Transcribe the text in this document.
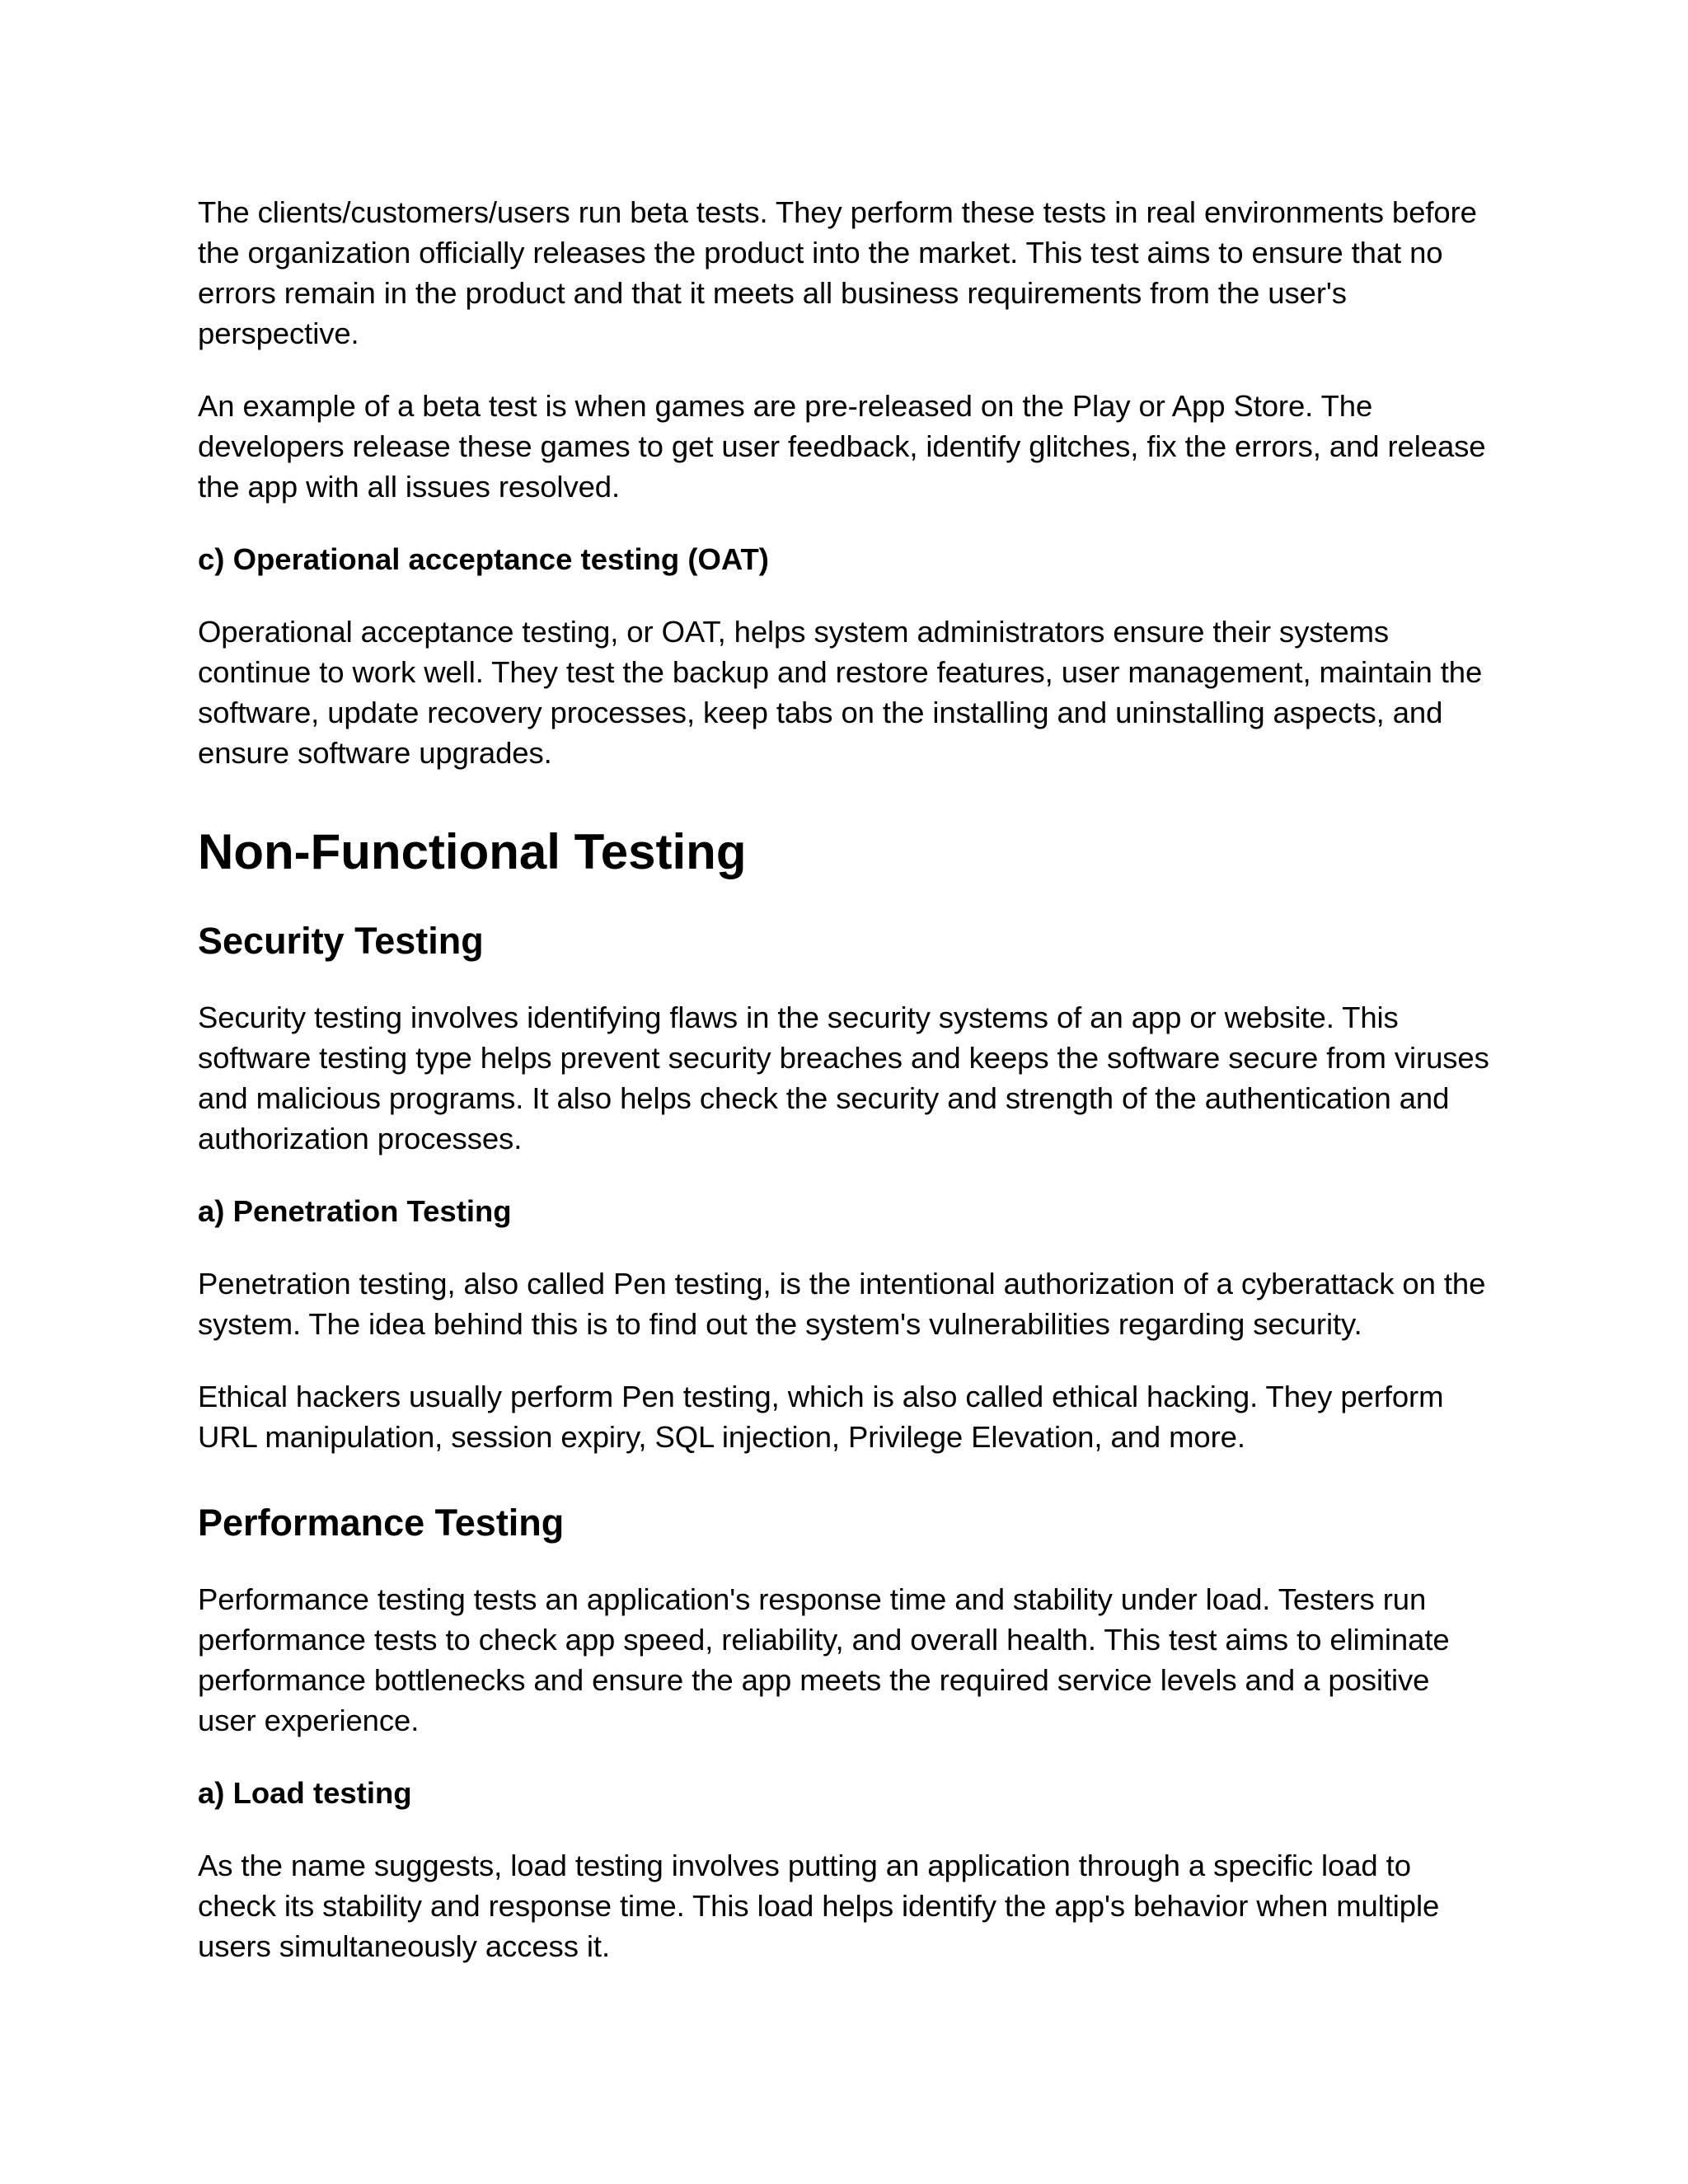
The clients/customers/users run beta tests. They perform these tests in real environments before the organization officially releases the product into the market. This test aims to ensure that no errors remain in the product and that it meets all business requirements from the user's perspective.

An example of a beta test is when games are pre-released on the Play or App Store. The developers release these games to get user feedback, identify glitches, fix the errors, and release the app with all issues resolved.

c) Operational acceptance testing (OAT)

Operational acceptance testing, or OAT, helps system administrators ensure their systems continue to work well. They test the backup and restore features, user management, maintain the software, update recovery processes, keep tabs on the installing and uninstalling aspects, and ensure software upgrades.

Non-Functional Testing
Security Testing

Security testing involves identifying flaws in the security systems of an app or website. This software testing type helps prevent security breaches and keeps the software secure from viruses and malicious programs. It also helps check the security and strength of the authentication and authorization processes.

a) Penetration Testing

Penetration testing, also called Pen testing, is the intentional authorization of a cyberattack on the system. The idea behind this is to find out the system's vulnerabilities regarding security.

Ethical hackers usually perform Pen testing, which is also called ethical hacking. They perform URL manipulation, session expiry, SQL injection, Privilege Elevation, and more.

Performance Testing

Performance testing tests an application's response time and stability under load. Testers run performance tests to check app speed, reliability, and overall health. This test aims to eliminate performance bottlenecks and ensure the app meets the required service levels and a positive user experience.

a) Load testing

As the name suggests, load testing involves putting an application through a specific load to check its stability and response time. This load helps identify the app's behavior when multiple users simultaneously access it.
